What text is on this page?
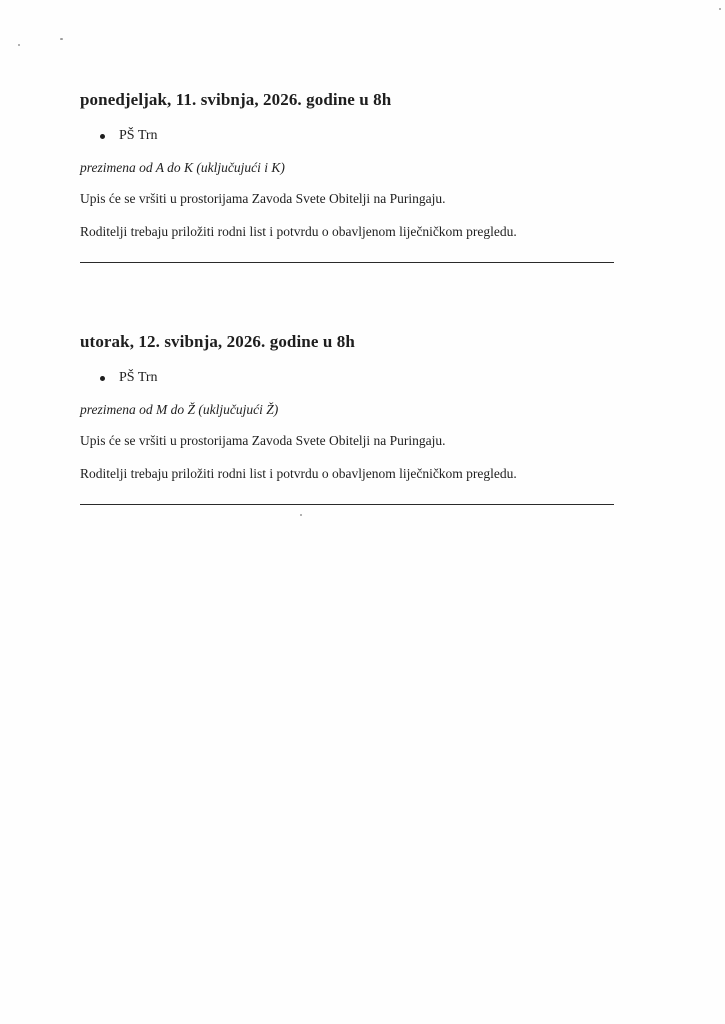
ponedjeljak, 11. svibnja, 2026. godine u 8h
PŠ Trn
prezimena od A do K (uključujući i K)
Upis će se vršiti u prostorijama Zavoda Svete Obitelji na Puringaju.
Roditelji trebaju priložiti rodni list i potvrdu o obavljenom liječničkom pregledu.
utorak, 12. svibnja, 2026. godine u 8h
PŠ Trn
prezimena od M do Ž (uključujući Ž)
Upis će se vršiti u prostorijama Zavoda Svete Obitelji na Puringaju.
Roditelji trebaju priložiti rodni list i potvrdu o obavljenom liječničkom pregledu.
